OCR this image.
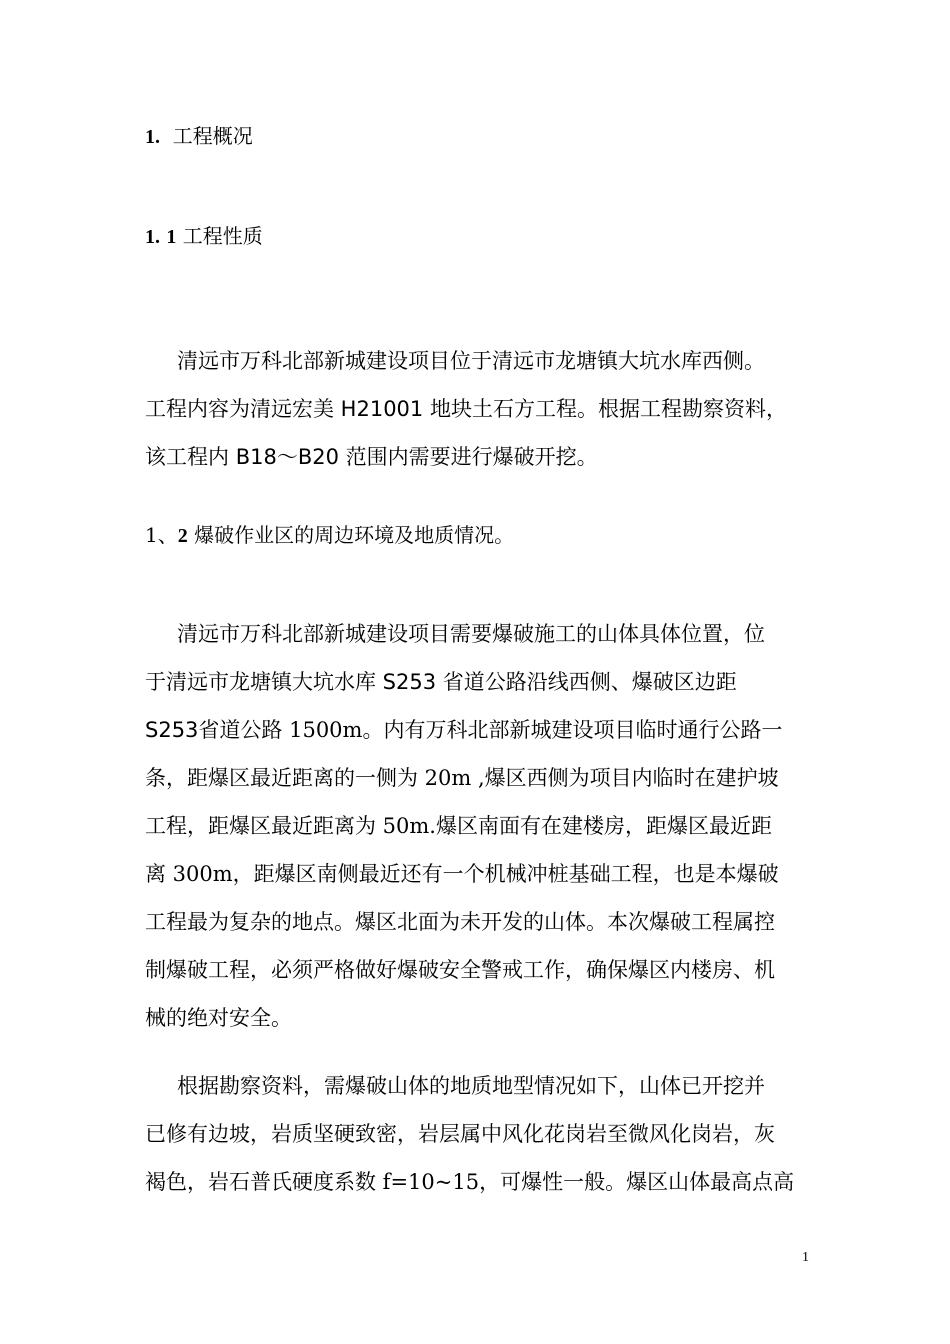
1. 工程概况
1. 1 工程性质
清远市万科北部新城建设项目位于清远市龙塘镇大坑水库西侧。
工程内容为清远宏美 H21001 地块土石方工程。根据工程勘察资料，
该工程内 B18～B20 范围内需要进行爆破开挖。
1、2 爆破作业区的周边环境及地质情况。
清远市万科北部新城建设项目需要爆破施工的山体具体位置，位
于清远市龙塘镇大坑水库 S253 省道公路沿线西侧、爆破区边距
S253省道公路 1500m。内有万科北部新城建设项目临时通行公路一
条，距爆区最近距离的一侧为 20m ,爆区西侧为项目内临时在建护坡
工程，距爆区最近距离为 50m.爆区南面有在建楼房，距爆区最近距
离 300m，距爆区南侧最近还有一个机械冲桩基础工程，也是本爆破
工程最为复杂的地点。爆区北面为未开发的山体。本次爆破工程属控
制爆破工程，必须严格做好爆破安全警戒工作，确保爆区内楼房、机
械的绝对安全。
根据勘察资料，需爆破山体的地质地型情况如下，山体已开挖并
已修有边坡，岩质坚硬致密，岩层属中风化花岗岩至微风化岗岩，灰
褐色，岩石普氏硬度系数 f=10~15，可爆性一般。爆区山体最高点高
1
